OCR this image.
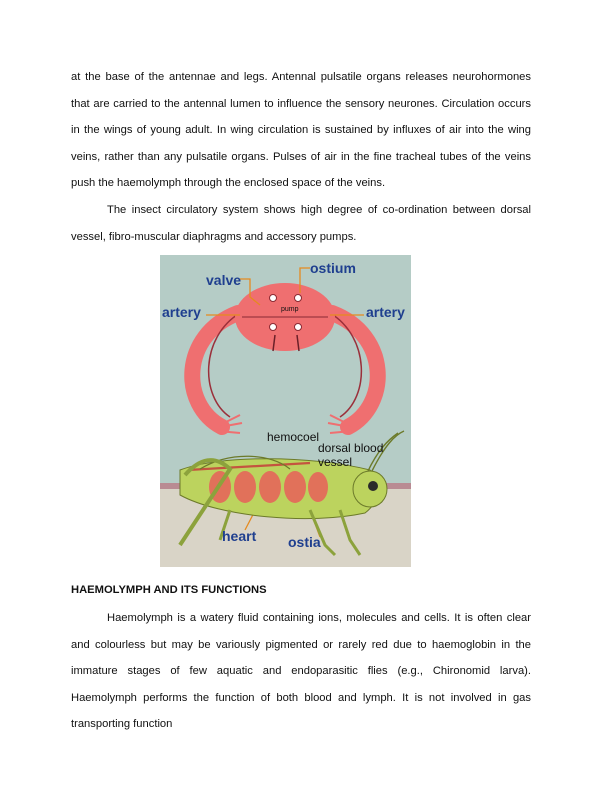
at the base of the antennae and legs. Antennal pulsatile organs releases neurohormones that are carried to the antennal lumen to influence the sensory neurones. Circulation occurs in the wings of young adult. In wing circulation is sustained by influxes of air into the wing veins, rather than any pulsatile organs. Pulses of air in the fine tracheal tubes of the veins push the haemolymph through the enclosed space of the veins.

The insect circulatory system shows high degree of co-ordination between dorsal vessel, fibro-muscular diaphragms and accessory pumps.

valve
ostium
pump
artery	artery
hemocoel
dorsal blood
vessel
heart ostia
HAEMOLYMPH AND ITS FUNCTIONS

Haemolymph is a watery fluid containing ions, molecules and cells. It is often clear and colourless but may be variously pigmented or rarely red due to haemoglobin in the immature stages of few aquatic and endoparasitic flies (e.g., Chironomid larva). Haemolymph performs the function of both blood and lymph. It is not involved in gas transporting function
